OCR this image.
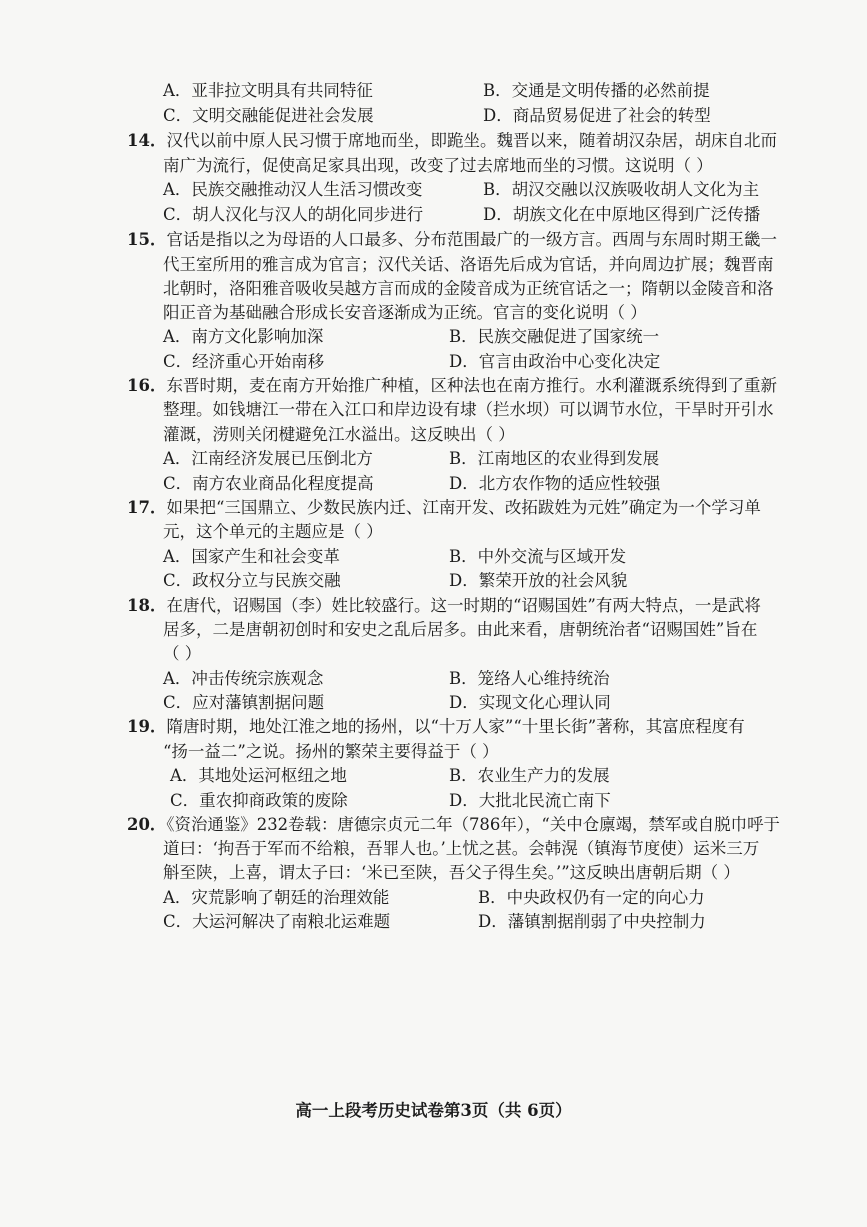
A．亚非拉文明具有共同特征	B．交通是文明传播的必然前提
C．文明交融能促进社会发展	D．商品贸易促进了社会的转型
14．汉代以前中原人民习惯于席地而坐，即跪坐。魏晋以来，随着胡汉杂居，胡床自北而
南广为流行，促使高足家具出现，改变了过去席地而坐的习惯。这说明（ ）
A．民族交融推动汉人生活习惯改变	B．胡汉交融以汉族吸收胡人文化为主
C．胡人汉化与汉人的胡化同步进行	D．胡族文化在中原地区得到广泛传播
15．官话是指以之为母语的人口最多、分布范围最广的一级方言。西周与东周时期王畿一
代王室所用的雅言成为官言；汉代关话、洛语先后成为官话，并向周边扩展；魏晋南
北朝时，洛阳雅音吸收吴越方言而成的金陵音成为正统官话之一；隋朝以金陵音和洛
阳正音为基础融合形成长安音逐渐成为正统。官言的变化说明（ ）
A．南方文化影响加深	B．民族交融促进了国家统一
C．经济重心开始南移	D．官言由政治中心变化决定
16．东晋时期，麦在南方开始推广种植，区种法也在南方推行。水利灌溉系统得到了重新
整理。如钱塘江一带在入江口和岸边设有埭（拦水坝）可以调节水位，干旱时开引水
灌溉，涝则关闭楗避免江水溢出。这反映出（ ）
A．江南经济发展已压倒北方	B．江南地区的农业得到发展
C．南方农业商品化程度提高	D．北方农作物的适应性较强
17．如果把“三国鼎立、少数民族内迁、江南开发、改拓跋姓为元姓”确定为一个学习单
元，这个单元的主题应是（ ）
A．国家产生和社会变革	B．中外交流与区域开发
C．政权分立与民族交融	D．繁荣开放的社会风貌
18．在唐代，诏赐国（李）姓比较盛行。这一时期的“诏赐国姓”有两大特点，一是武将
居多，二是唐朝初创时和安史之乱后居多。由此来看，唐朝统治者“诏赐国姓”旨在
（ ）
A．冲击传统宗族观念	B．笼络人心维持统治
C．应对藩镇割据问题	D．实现文化心理认同
19．隋唐时期，地处江淮之地的扬州，以“十万人家”“十里长街”著称，其富庶程度有
“扬一益二”之说。扬州的繁荣主要得益于（ ）
A．其地处运河枢纽之地	B．农业生产力的发展
C．重农抑商政策的废除	D．大批北民流亡南下
20．《资治通鉴》232卷载：唐德宗贞元二年（786年），“关中仓廪竭，禁军或自脱巾呼于
道曰：‘拘吾于军而不给粮，吾罪人也。’上忧之甚。会韩滉（镇海节度使）运米三万
斛至陕，上喜，谓太子曰：‘米已至陕，吾父子得生矣。’”这反映出唐朝后期（ ）
A．灾荒影响了朝廷的治理效能	B．中央政权仍有一定的向心力
C．大运河解决了南粮北运难题	D．藩镇割据削弱了中央控制力
高一上段考历史试卷第3页（共 6页）
